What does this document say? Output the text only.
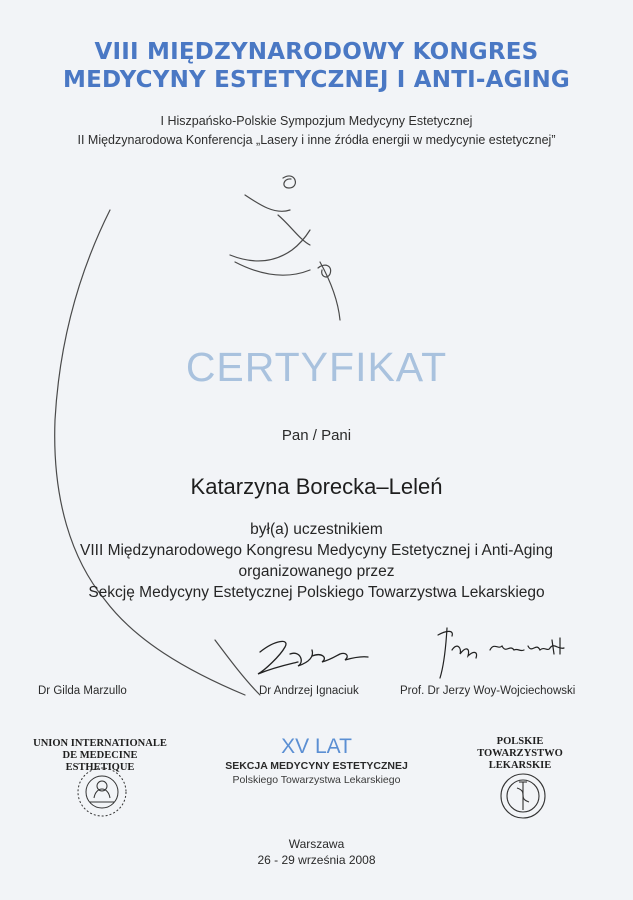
VIII MIĘDZYNARODOWY KONGRES
MEDYCYNY ESTETYCZNEJ I ANTI-AGING
I Hiszpańsko-Polskie Sympozjum Medycyny Estetycznej
II Międzynarodowa Konferencja „Lasery i inne źródła energii w medycynie estetycznej”
CERTYFIKAT
Pan / Pani
Katarzyna Borecka–Leleń
był(a) uczestnikiem
VIII Międzynarodowego Kongresu Medycyny Estetycznej i Anti-Aging
organizowanego przez
Sekcję Medycyny Estetycznej Polskiego Towarzystwa Lekarskiego
Dr Gilda Marzullo	Dr Andrzej Ignaciuk	Prof. Dr Jerzy Woy-Wojciechowski
UNION INTERNATIONALE
DE MEDECINE ESTHETIQUE
XV LAT
SEKCJA MEDYCYNY ESTETYCZNEJ
Polskiego Towarzystwa Lekarskiego
POLSKIE
TOWARZYSTWO LEKARSKIE
Warszawa
26 - 29 września 2008
